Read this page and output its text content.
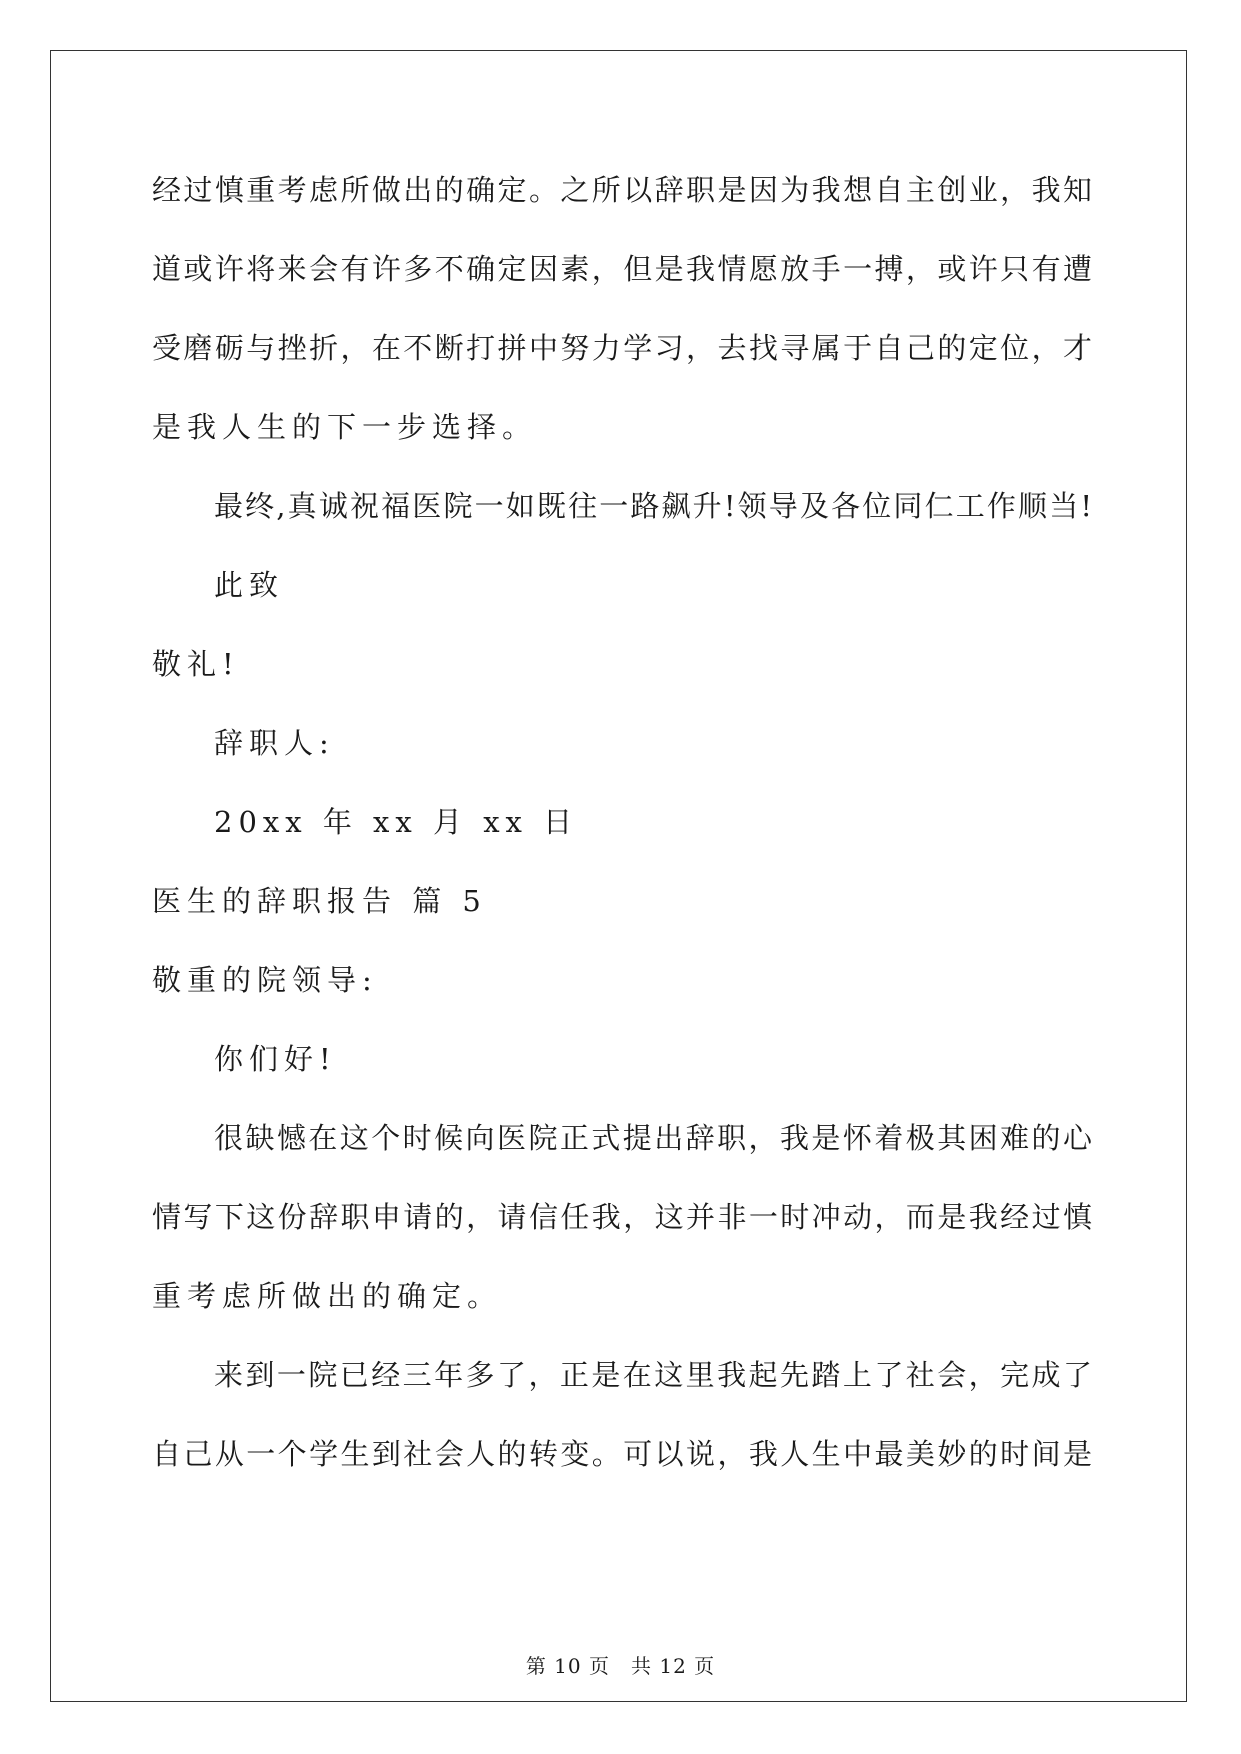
经过慎重考虑所做出的确定。之所以辞职是因为我想自主创业，我知
道或许将来会有许多不确定因素，但是我情愿放手一搏，或许只有遭
受磨砺与挫折，在不断打拼中努力学习，去找寻属于自己的定位，才
是我人生的下一步选择。
最终,真诚祝福医院一如既往一路飙升!领导及各位同仁工作顺当!
此致
敬礼!
辞职人:
20xx 年 xx 月 xx 日
医生的辞职报告 篇 5
敬重的院领导:
你们好!
很缺憾在这个时候向医院正式提出辞职，我是怀着极其困难的心
情写下这份辞职申请的，请信任我，这并非一时冲动，而是我经过慎
重考虑所做出的确定。
来到一院已经三年多了，正是在这里我起先踏上了社会，完成了
自己从一个学生到社会人的转变。可以说，我人生中最美妙的时间是
第 10 页　共 12 页
